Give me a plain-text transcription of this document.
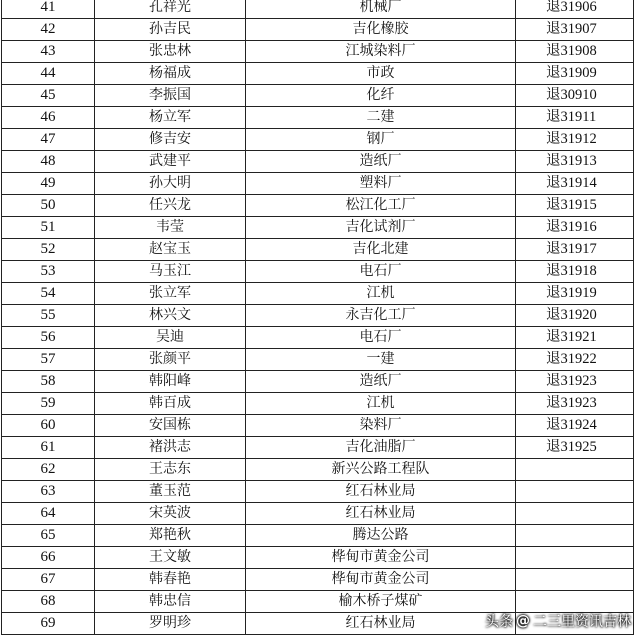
41	孔祥光	机械厂	退31906
42	孙吉民	吉化橡胶	退31907
43	张忠林	江城染料厂	退31908
44	杨福成	市政	退31909
45	李振国	化纤	退30910
46	杨立军	二建	退31911
47	修吉安	钢厂	退31912
48	武建平	造纸厂	退31913
49	孙大明	塑料厂	退31914
50	任兴龙	松江化工厂	退31915
51	韦莹	吉化试剂厂	退31916
52	赵宝玉	吉化北建	退31917
53	马玉江	电石厂	退31918
54	张立军	江机	退31919
55	林兴文	永吉化工厂	退31920
56	吴迪	电石厂	退31921
57	张颜平	一建	退31922
58	韩阳峰	造纸厂	退31923
59	韩百成	江机	退31923
60	安国栋	染料厂	退31924
61	褚洪志	吉化油脂厂	退31925
62	王志东	新兴公路工程队	
63	董玉范	红石林业局	
64	宋英波	红石林业局	
65	郑艳秋	腾达公路	
66	王文敏	桦甸市黄金公司	
67	韩春艳	桦甸市黄金公司	
68	韩忠信	榆木桥子煤矿	
69	罗明珍	红石林业局		头条 @ 二三里资讯吉林
